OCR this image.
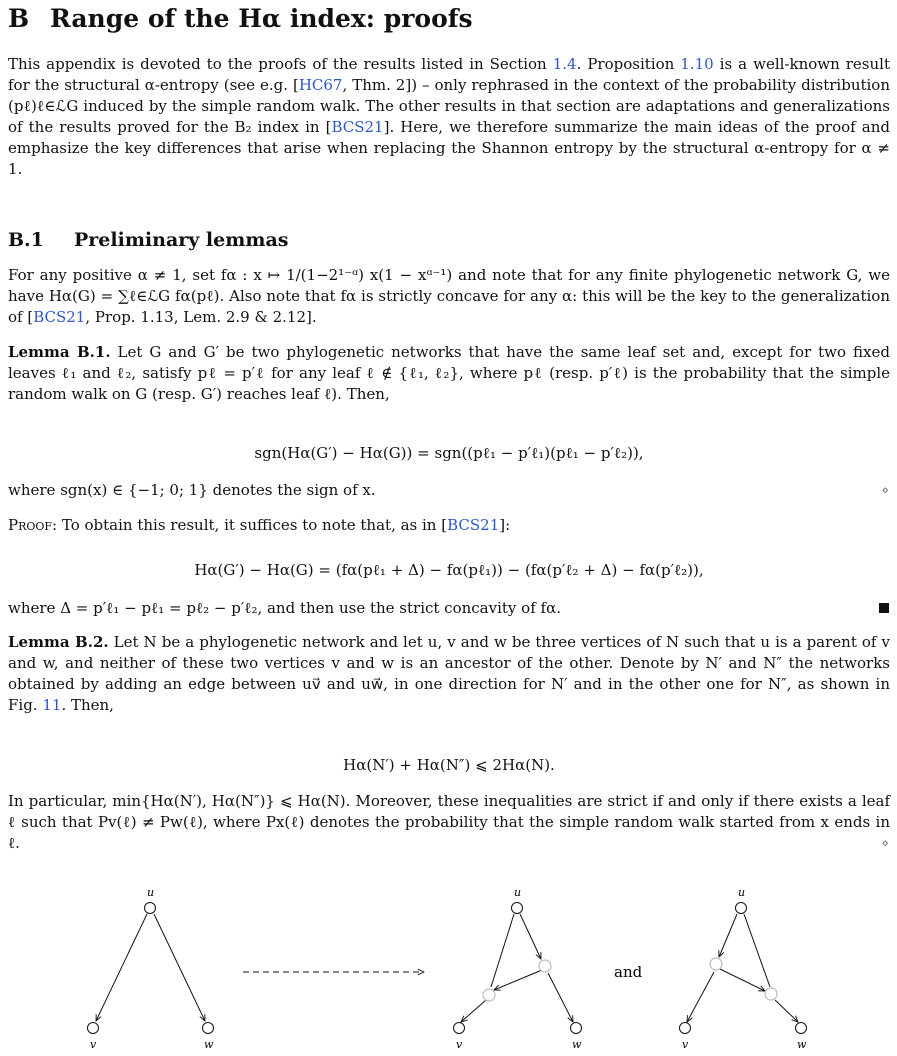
B Range of the Hα index: proofs
This appendix is devoted to the proofs of the results listed in Section 1.4. Proposition 1.10 is a well-known result for the structural α-entropy (see e.g. [HC67, Thm. 2]) – only rephrased in the context of the probability distribution (pℓ)ℓ∈ℒG induced by the simple random walk. The other results in that section are adaptations and generalizations of the results proved for the B₂ index in [BCS21]. Here, we therefore summarize the main ideas of the proof and emphasize the key differences that arise when replacing the Shannon entropy by the structural α-entropy for α ≠ 1.
B.1 Preliminary lemmas
For any positive α ≠ 1, set fα : x ↦ 1/(1−2¹⁻ᵅ) x(1 − xᵅ⁻¹) and note that for any finite phylogenetic network G, we have Hα(G) = ∑ℓ∈ℒG fα(pℓ). Also note that fα is strictly concave for any α: this will be the key to the generalization of [BCS21, Prop. 1.13, Lem. 2.9 & 2.12].
Lemma B.1. Let G and G′ be two phylogenetic networks that have the same leaf set and, except for two fixed leaves ℓ₁ and ℓ₂, satisfy pℓ = p′ℓ for any leaf ℓ ∉ {ℓ₁, ℓ₂}, where pℓ (resp. p′ℓ) is the probability that the simple random walk on G (resp. G′) reaches leaf ℓ). Then,
sgn(Hα(G′) − Hα(G)) = sgn((pℓ₁ − p′ℓ₁)(pℓ₁ − p′ℓ₂)),
where sgn(x) ∈ {−1; 0; 1} denotes the sign of x.	⋄
Proof: To obtain this result, it suffices to note that, as in [BCS21]:
Hα(G′) − Hα(G) = (fα(pℓ₁ + Δ) − fα(pℓ₁)) − (fα(p′ℓ₂ + Δ) − fα(p′ℓ₂)),
where Δ = p′ℓ₁ − pℓ₁ = pℓ₂ − p′ℓ₂, and then use the strict concavity of fα.
Lemma B.2. Let N be a phylogenetic network and let u, v and w be three vertices of N such that u is a parent of v and w, and neither of these two vertices v and w is an ancestor of the other. Denote by N′ and N″ the networks obtained by adding an edge between uv⃗ and uw⃗, in one direction for N′ and in the other one for N″, as shown in Fig. 11. Then,
Hα(N′) + Hα(N″) ⩽ 2Hα(N).
In particular, min{Hα(N′), Hα(N″)} ⩽ Hα(N). Moreover, these inequalities are strict if and only if there exists a leaf ℓ such that Pv(ℓ) ≠ Pw(ℓ), where Px(ℓ) denotes the probability that the simple random walk started from x ends in ℓ.	⋄
u
v	w
u
v	w
and
u
v	w
